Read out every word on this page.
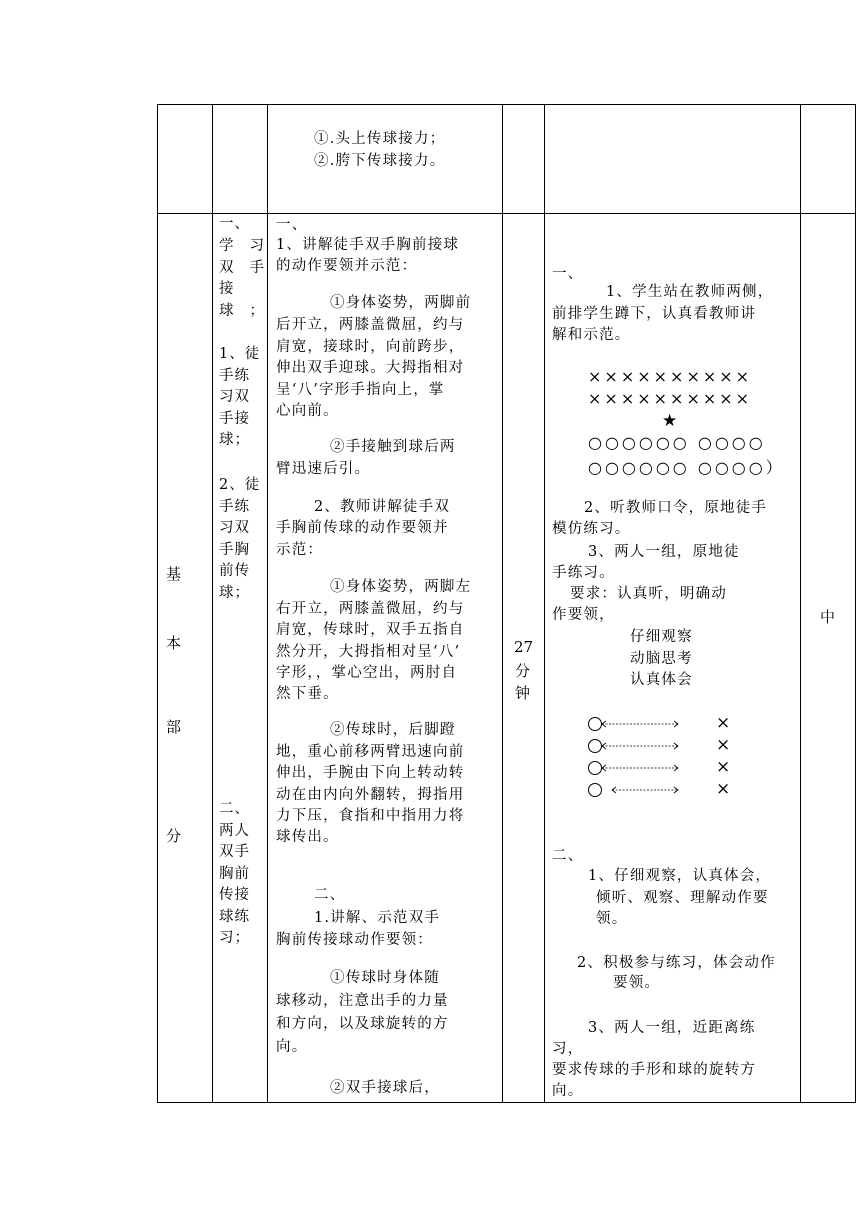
①.头上传球接力；
②.胯下传球接力。
基
本
部
分
一、
学习双手接球；
1、徒手练习双手接球；
2、徒手练习双手胸前传球；
二、两人双手胸前传接球练习；
一、
1、讲解徒手双手胸前接球
的动作要领并示范：
①身体姿势，两脚前
后开立，两膝盖微屈，约与
肩宽，接球时，向前跨步，
伸出双手迎球。大拇指相对
呈‘八’字形手指向上，掌
心向前。
②手接触到球后两
臂迅速后引。
2、教师讲解徒手双
手胸前传球的动作要领并
示范：
①身体姿势，两脚左
右开立，两膝盖微屈，约与
肩宽，传球时，双手五指自
然分开，大拇指相对呈‘八’
字形，，掌心空出，两肘自
然下垂。
②传球时，后脚蹬
地，重心前移两臂迅速向前
伸出，手腕由下向上转动转
动在由内向外翻转，拇指用
力下压，食指和中指用力将
球传出。
二、
1.讲解、示范双手
胸前传接球动作要领：
①传球时身体随
球移动，注意出手的力量
和方向，以及球旋转的方
向。
②双手接球后，
27
分
钟
一、
1、学生站在教师两侧，
前排学生蹲下，认真看教师讲
解和示范。
××××××××××
××××××××××
★
○○○○○○ ○○○○
○○○○○○ ○○○○）
2、听教师口令，原地徒手
模仿练习。
3、两人一组，原地徒
手练习。
要求：认真听，明确动
作要领，
仔细观察
动脑思考
认真体会
×
×
×
×
二、
1、仔细观察，认真体会，
倾听、观察、理解动作要
领。
2、积极参与练习，体会动作
要领。
3、两人一组，近距离练
习，
要求传球的手形和球的旋转方
向。
中
